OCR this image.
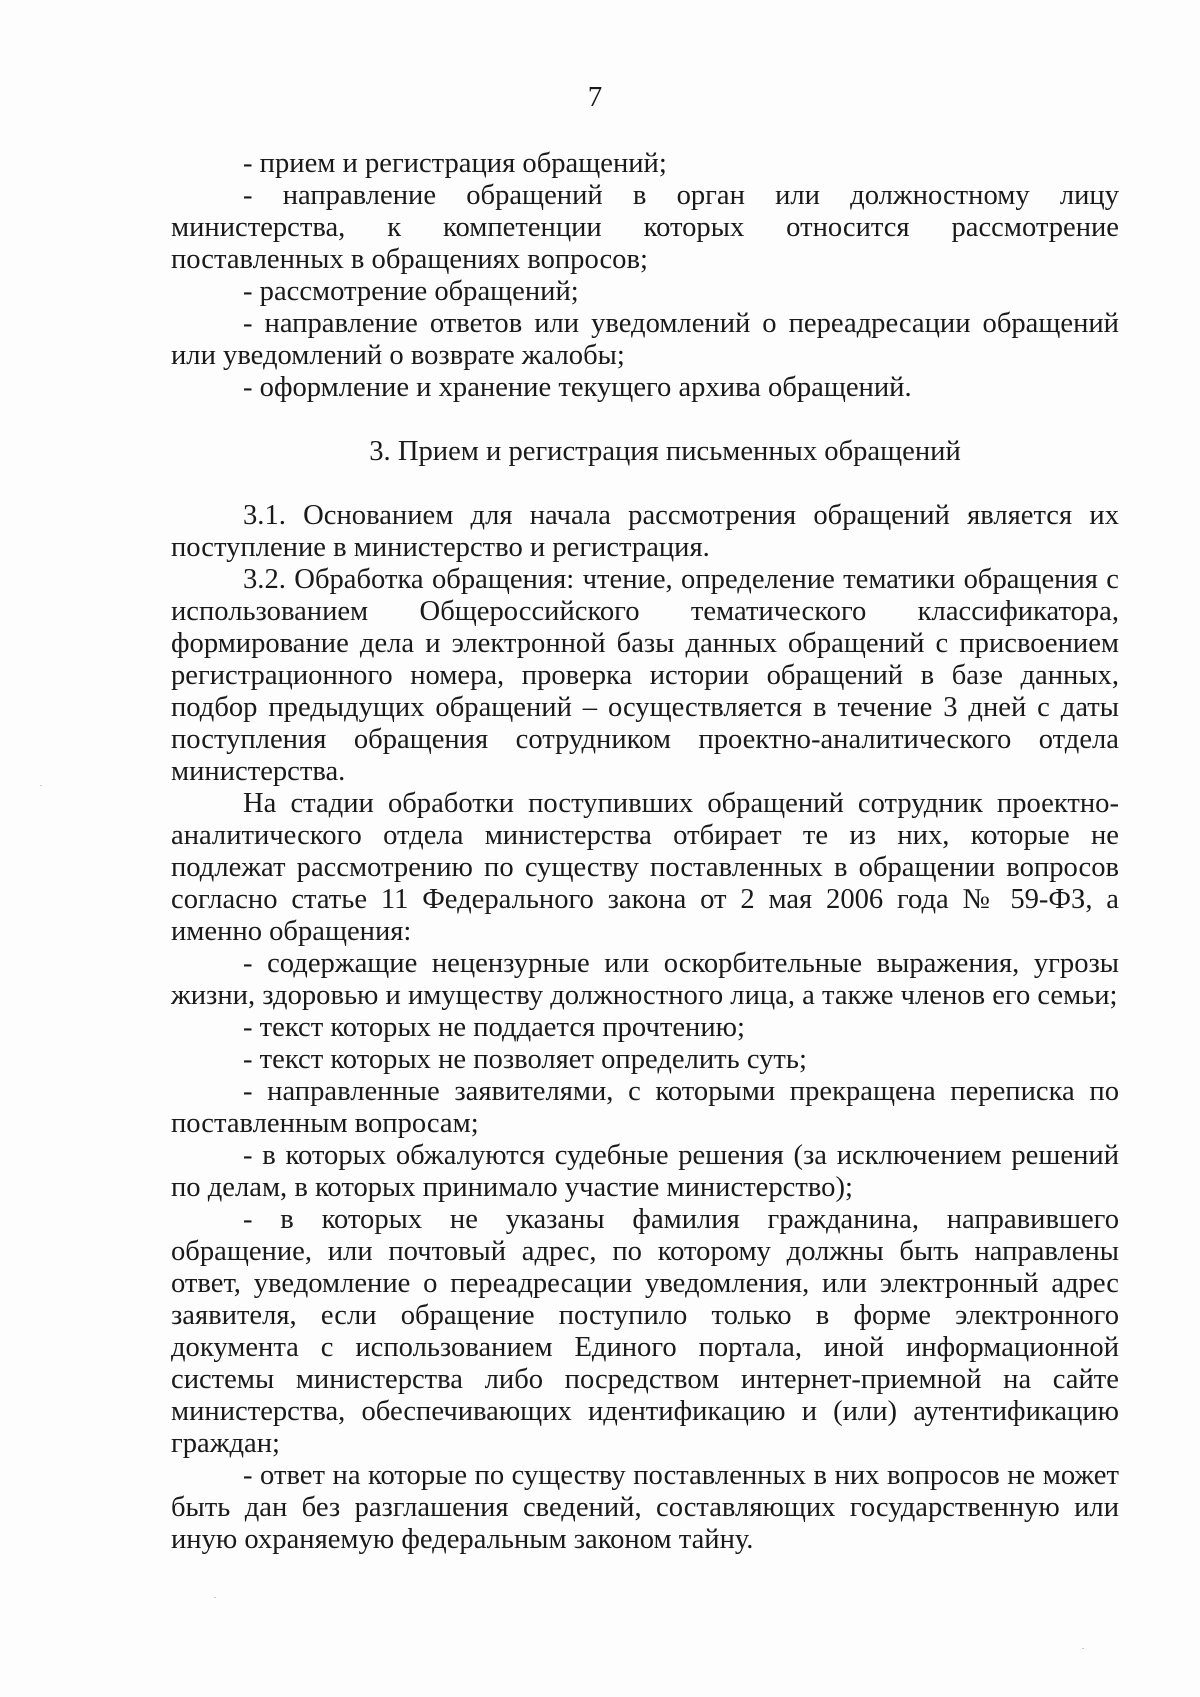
7

- прием и регистрация обращений;

- направление обращений в орган или должностному лицу министерства, к компетенции которых относится рассмотрение поставленных в обращениях вопросов;

- рассмотрение обращений;

- направление ответов или уведомлений о переадресации обращений или уведомлений о возврате жалобы;

- оформление и хранение текущего архива обращений.

3. Прием и регистрация письменных обращений

3.1. Основанием для начала рассмотрения обращений является их поступление в министерство и регистрация.

3.2. Обработка обращения: чтение, определение тематики обращения с использованием Общероссийского тематического классификатора, формирование дела и электронной базы данных обращений с присвоением регистрационного номера, проверка истории обращений в базе данных, подбор предыдущих обращений – осуществляется в течение 3 дней с даты поступления обращения сотрудником проектно-аналитического отдела министерства.

На стадии обработки поступивших обращений сотрудник проектно-аналитического отдела министерства отбирает те из них, которые не подлежат рассмотрению по существу поставленных в обращении вопросов согласно статье 11 Федерального закона от 2 мая 2006 года № 59-ФЗ, а именно обращения:

- содержащие нецензурные или оскорбительные выражения, угрозы жизни, здоровью и имуществу должностного лица, а также членов его семьи;

- текст которых не поддается прочтению;

- текст которых не позволяет определить суть;

- направленные заявителями, с которыми прекращена переписка по поставленным вопросам;

- в которых обжалуются судебные решения (за исключением решений по делам, в которых принимало участие министерство);

- в которых не указаны фамилия гражданина, направившего обращение, или почтовый адрес, по которому должны быть направлены ответ, уведомление о переадресации уведомления, или электронный адрес заявителя, если обращение поступило только в форме электронного документа с использованием Единого портала, иной информационной системы министерства либо посредством интернет-приемной на сайте министерства, обеспечивающих идентификацию и (или) аутентификацию граждан;

- ответ на которые по существу поставленных в них вопросов не может быть дан без разглашения сведений, составляющих государственную или иную охраняемую федеральным законом тайну.
